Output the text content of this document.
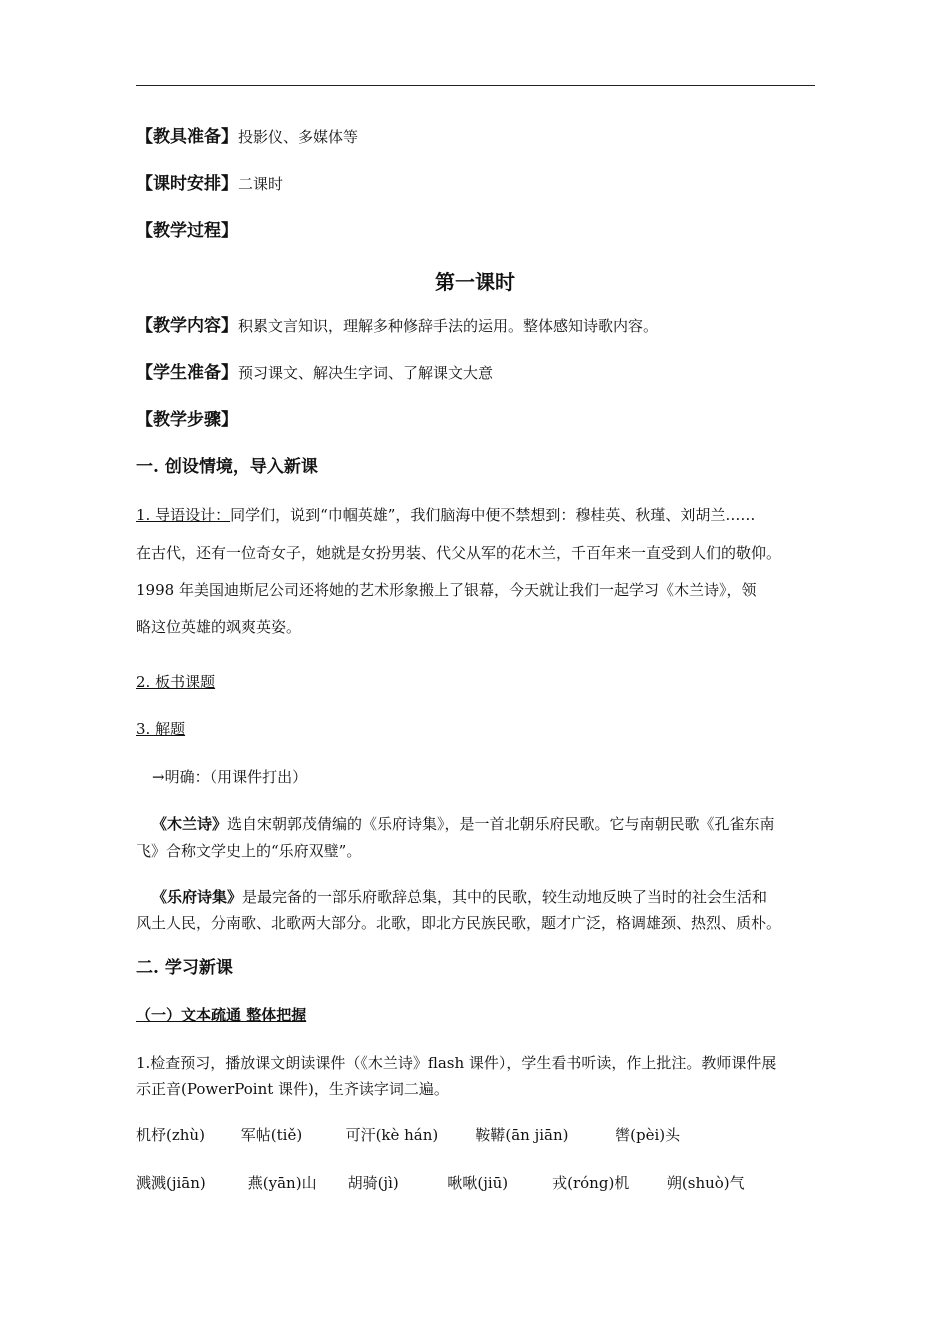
【教具准备】投影仪、多媒体等
【课时安排】二课时
【教学过程】
第一课时
【教学内容】积累文言知识，理解多种修辞手法的运用。整体感知诗歌内容。
【学生准备】预习课文、解决生字词、了解课文大意
【教学步骤】
一. 创设情境，导入新课
1. 导语设计：同学们，说到“巾帼英雄”，我们脑海中便不禁想到：穆桂英、秋瑾、刘胡兰……
在古代，还有一位奇女子，她就是女扮男装、代父从军的花木兰，千百年来一直受到人们的敬仰。
1998 年美国迪斯尼公司还将她的艺术形象搬上了银幕，今天就让我们一起学习《木兰诗》，领
略这位英雄的飒爽英姿。
2. 板书课题
3. 解题
→明确：（用课件打出）
《木兰诗》选自宋朝郭茂倩编的《乐府诗集》，是一首北朝乐府民歌。它与南朝民歌《孔雀东南
飞》合称文学史上的“乐府双璧”。
《乐府诗集》是最完备的一部乐府歌辞总集，其中的民歌，较生动地反映了当时的社会生活和
风土人民，分南歌、北歌两大部分。北歌，即北方民族民歌，题才广泛，格调雄颈、热烈、质朴。
二. 学习新课
（一）文本疏通 整体把握
1.检查预习，播放课文朗读课件（《木兰诗》flash 课件），学生看书听读，作上批注。教师课件展
示正音(PowerPoint 课件)，生齐读字词二遍。
机杼(zhù) 军帖(tiě)	可汗(kè hán) 鞍鞯(ān jiān)	辔(pèi)头
溅溅(jiān)	燕(yān)山 胡骑(jì)	啾啾(jiū)	戎(róng)机	朔(shuò)气
